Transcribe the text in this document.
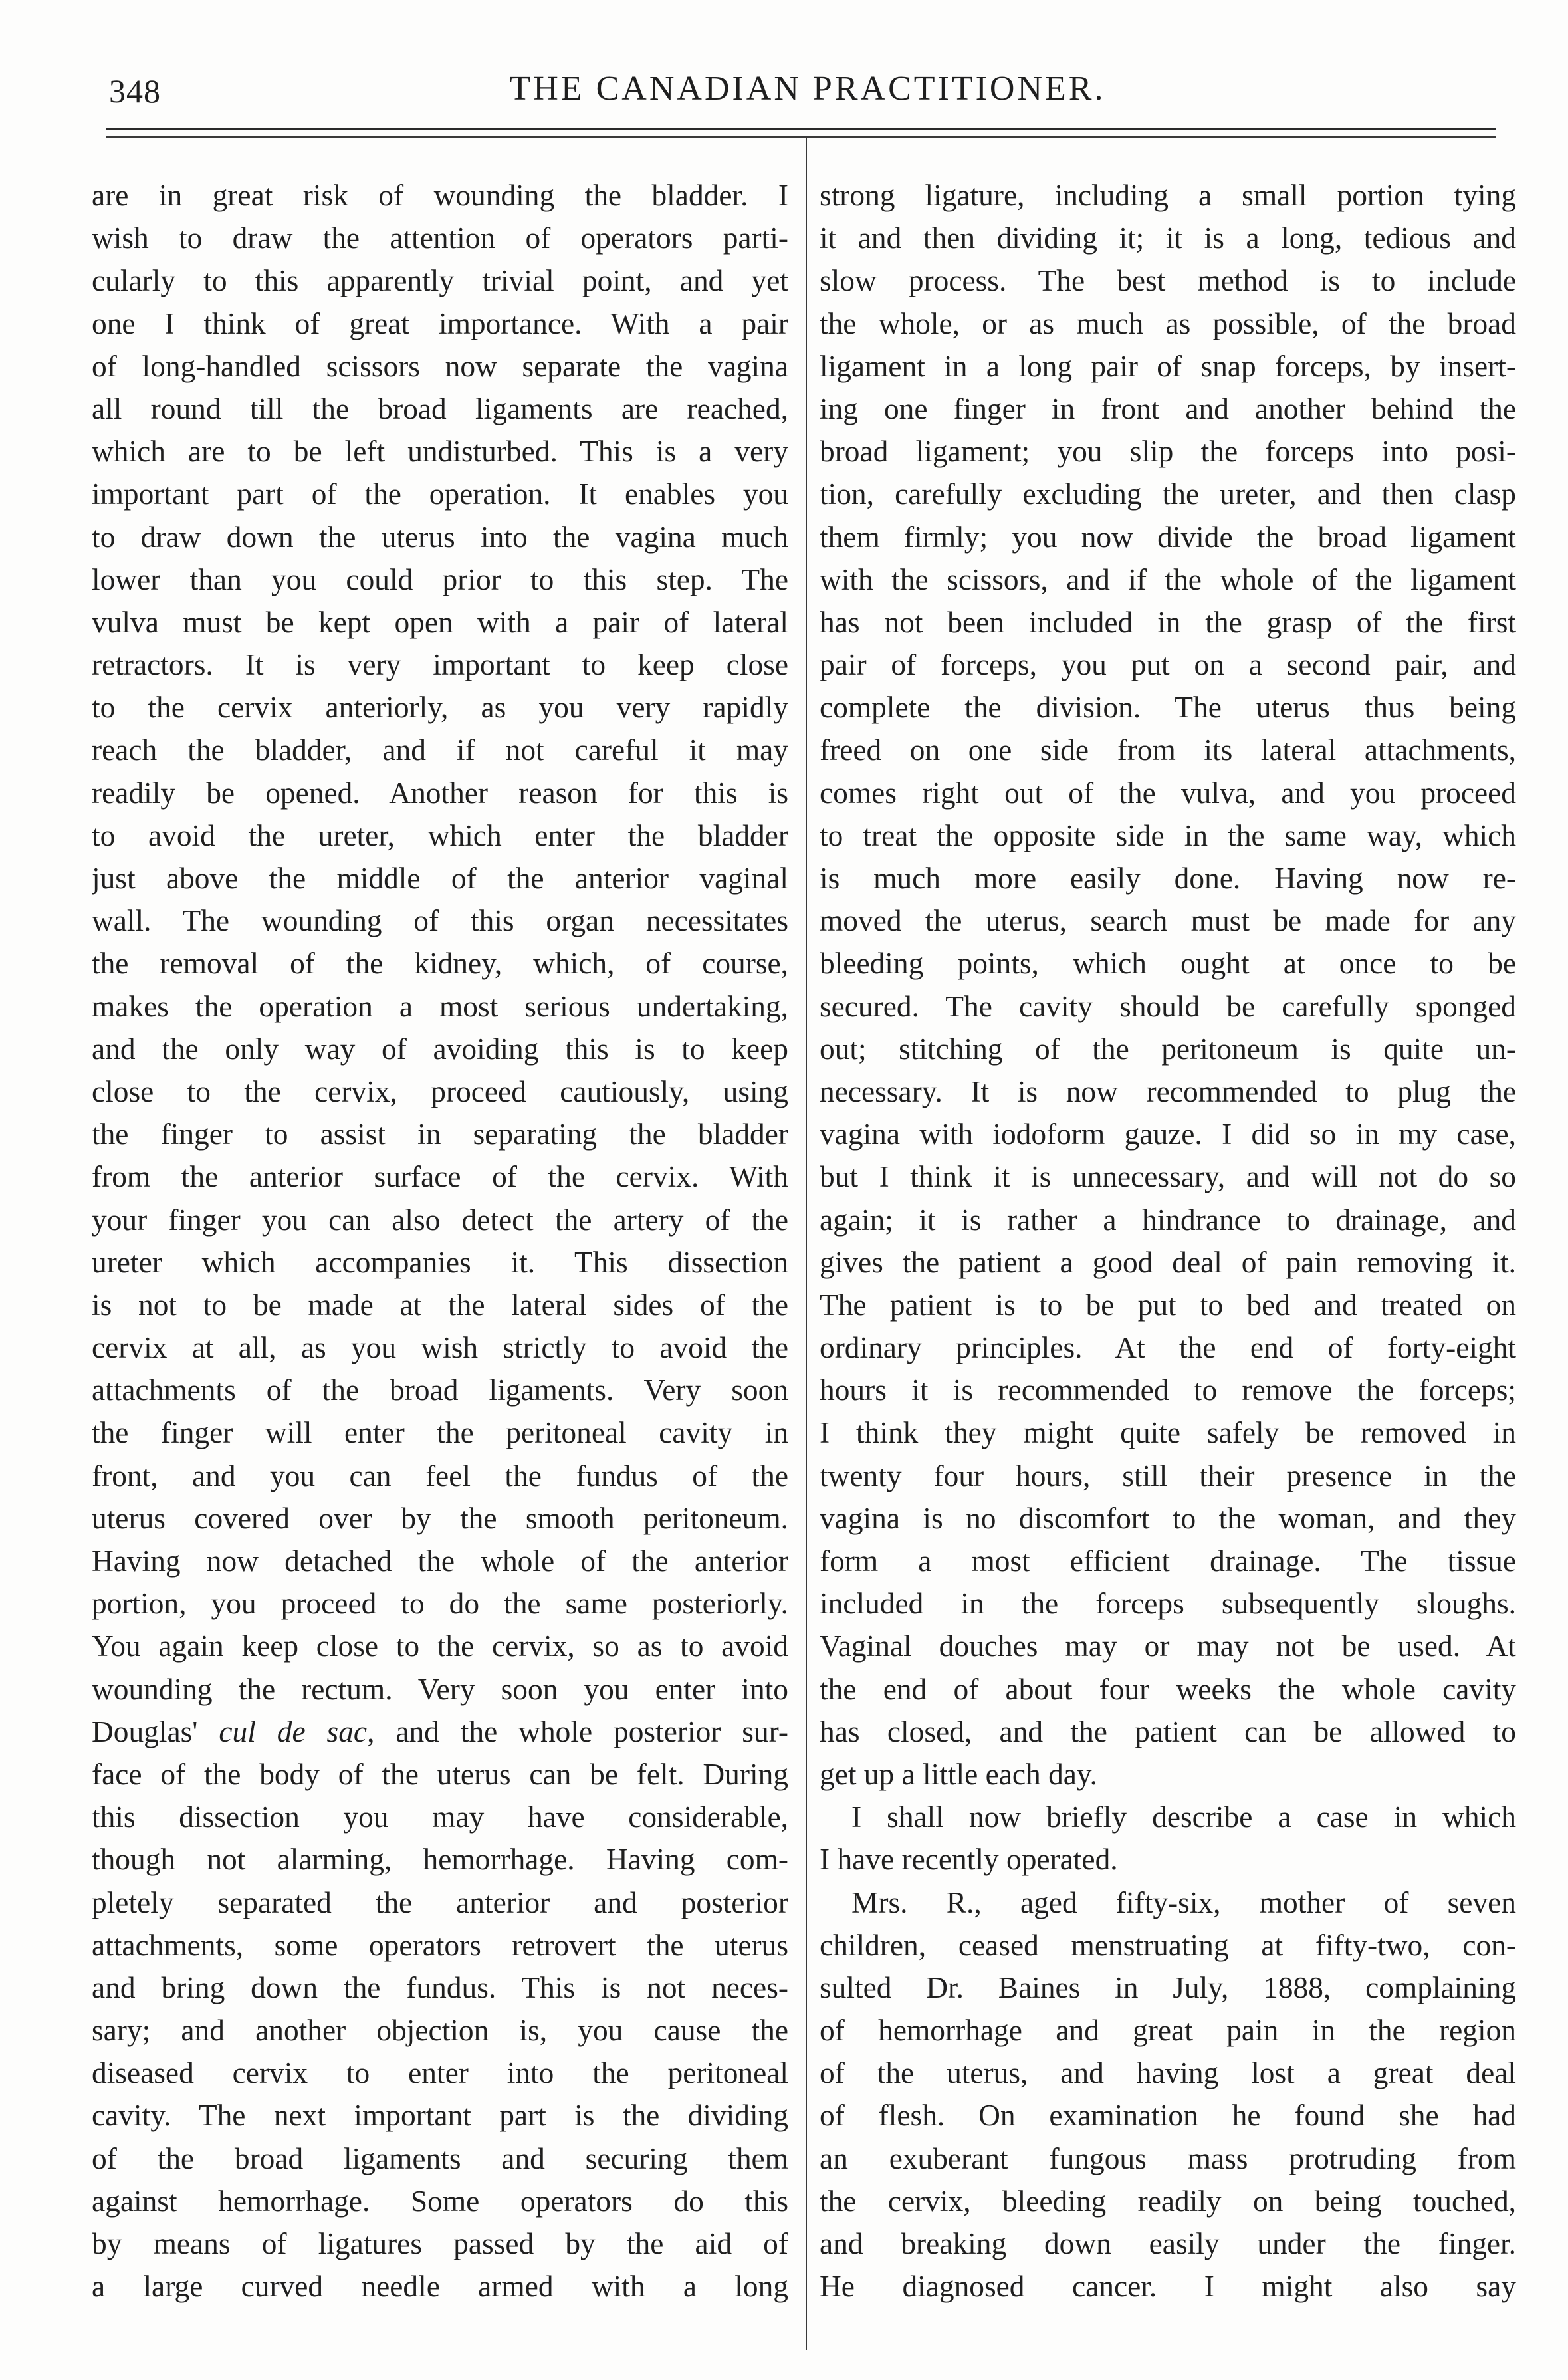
348	THE CANADIAN PRACTITIONER.
are in great risk of wounding the bladder. I
wish to draw the attention of operators parti-
cularly to this apparently trivial point, and yet
one I think of great importance. With a pair
of long-handled scissors now separate the vagina
all round till the broad ligaments are reached,
which are to be left undisturbed. This is a very
important part of the operation. It enables you
to draw down the uterus into the vagina much
lower than you could prior to this step. The
vulva must be kept open with a pair of lateral
retractors. It is very important to keep close
to the cervix anteriorly, as you very rapidly
reach the bladder, and if not careful it may
readily be opened. Another reason for this is
to avoid the ureter, which enter the bladder
just above the middle of the anterior vaginal
wall. The wounding of this organ necessitates
the removal of the kidney, which, of course,
makes the operation a most serious undertaking,
and the only way of avoiding this is to keep
close to the cervix, proceed cautiously, using
the finger to assist in separating the bladder
from the anterior surface of the cervix. With
your finger you can also detect the artery of the
ureter which accompanies it. This dissection
is not to be made at the lateral sides of the
cervix at all, as you wish strictly to avoid the
attachments of the broad ligaments. Very soon
the finger will enter the peritoneal cavity in
front, and you can feel the fundus of the
uterus covered over by the smooth peritoneum.
Having now detached the whole of the anterior
portion, you proceed to do the same posteriorly.
You again keep close to the cervix, so as to avoid
wounding the rectum. Very soon you enter into
Douglas' cul de sac, and the whole posterior sur-
face of the body of the uterus can be felt. During
this dissection you may have considerable,
though not alarming, hemorrhage. Having com-
pletely separated the anterior and posterior
attachments, some operators retrovert the uterus
and bring down the fundus. This is not neces-
sary; and another objection is, you cause the
diseased cervix to enter into the peritoneal
cavity. The next important part is the dividing
of the broad ligaments and securing them
against hemorrhage. Some operators do this
by means of ligatures passed by the aid of
a large curved needle armed with a long
strong ligature, including a small portion tying
it and then dividing it; it is a long, tedious and
slow process. The best method is to include
the whole, or as much as possible, of the broad
ligament in a long pair of snap forceps, by insert-
ing one finger in front and another behind the
broad ligament; you slip the forceps into posi-
tion, carefully excluding the ureter, and then clasp
them firmly; you now divide the broad ligament
with the scissors, and if the whole of the ligament
has not been included in the grasp of the first
pair of forceps, you put on a second pair, and
complete the division. The uterus thus being
freed on one side from its lateral attachments,
comes right out of the vulva, and you proceed
to treat the opposite side in the same way, which
is much more easily done. Having now re-
moved the uterus, search must be made for any
bleeding points, which ought at once to be
secured. The cavity should be carefully sponged
out; stitching of the peritoneum is quite un-
necessary. It is now recommended to plug the
vagina with iodoform gauze. I did so in my case,
but I think it is unnecessary, and will not do so
again; it is rather a hindrance to drainage, and
gives the patient a good deal of pain removing it.
The patient is to be put to bed and treated on
ordinary principles. At the end of forty-eight
hours it is recommended to remove the forceps;
I think they might quite safely be removed in
twenty four hours, still their presence in the
vagina is no discomfort to the woman, and they
form a most efficient drainage. The tissue
included in the forceps subsequently sloughs.
Vaginal douches may or may not be used. At
the end of about four weeks the whole cavity
has closed, and the patient can be allowed to
get up a little each day.
I shall now briefly describe a case in which
I have recently operated.
Mrs. R., aged fifty-six, mother of seven
children, ceased menstruating at fifty-two, con-
sulted Dr. Baines in July, 1888, complaining
of hemorrhage and great pain in the region
of the uterus, and having lost a great deal
of flesh. On examination he found she had
an exuberant fungous mass protruding from
the cervix, bleeding readily on being touched,
and breaking down easily under the finger.
He diagnosed cancer. I might also say
